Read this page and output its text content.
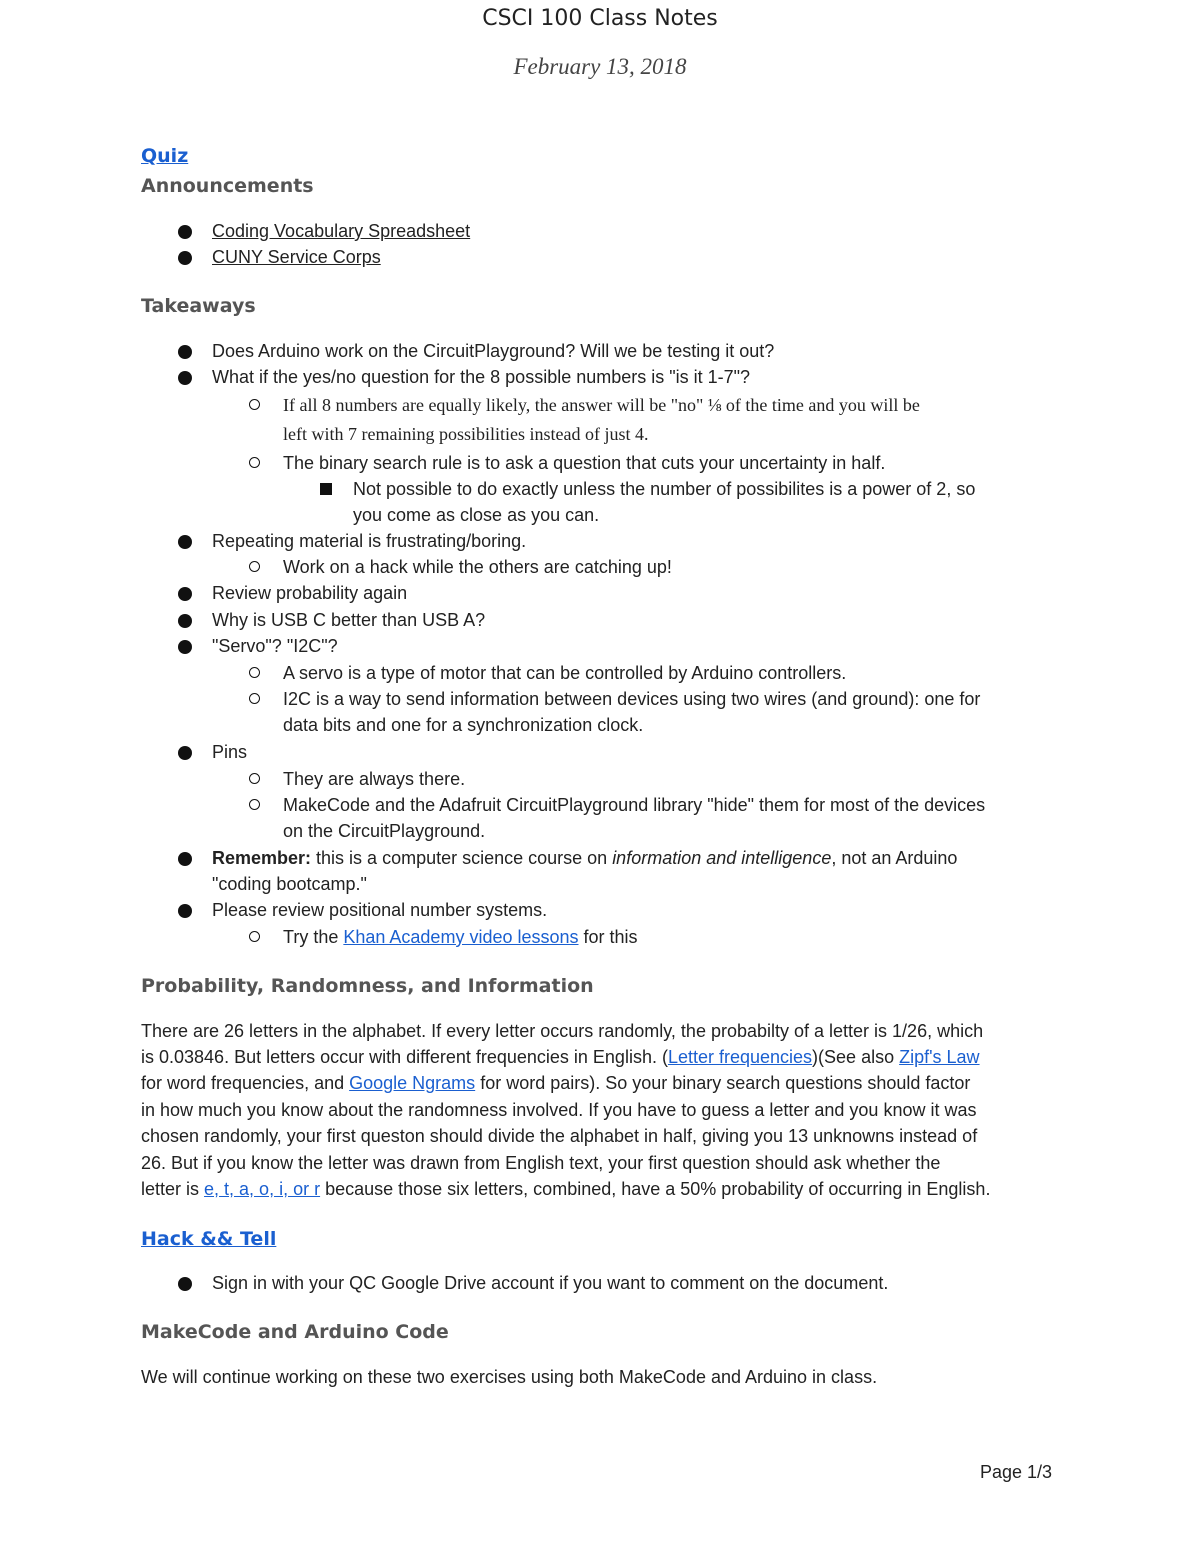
CSCI 100 Class Notes
February 13, 2018
Quiz
Announcements
Coding Vocabulary Spreadsheet
CUNY Service Corps
Takeaways
Does Arduino work on the CircuitPlayground? Will we be testing it out?
What if the yes/no question for the 8 possible numbers is "is it 1-7"?
If all 8 numbers are equally likely, the answer will be "no" ⅛ of the time and you will be
left with 7 remaining possibilities instead of just 4.
The binary search rule is to ask a question that cuts your uncertainty in half.
Not possible to do exactly unless the number of possibilites is a power of 2, so
you come as close as you can.
Repeating material is frustrating/boring.
Work on a hack while the others are catching up!
Review probability again
Why is USB C better than USB A?
"Servo"? "I2C"?
A servo is a type of motor that can be controlled by Arduino controllers.
I2C is a way to send information between devices using two wires (and ground): one for
data bits and one for a synchronization clock.
Pins
They are always there.
MakeCode and the Adafruit CircuitPlayground library "hide" them for most of the devices
on the CircuitPlayground.
Remember: this is a computer science course on information and intelligence, not an Arduino
"coding bootcamp."
Please review positional number systems.
Try the Khan Academy video lessons for this
Probability, Randomness, and Information
There are 26 letters in the alphabet. If every letter occurs randomly, the probabilty of a letter is 1/26, which
is 0.03846. But letters occur with different frequencies in English. (Letter frequencies)(See also Zipf's Law
for word frequencies, and Google Ngrams for word pairs). So your binary search questions should factor
in how much you know about the randomness involved. If you have to guess a letter and you know it was
chosen randomly, your first queston should divide the alphabet in half, giving you 13 unknowns instead of
26. But if you know the letter was drawn from English text, your first question should ask whether the
letter is e, t, a, o, i, or r because those six letters, combined, have a 50% probability of occurring in English.
Hack && Tell
Sign in with your QC Google Drive account if you want to comment on the document.
MakeCode and Arduino Code
We will continue working on these two exercises using both MakeCode and Arduino in class.
Page 1/3
